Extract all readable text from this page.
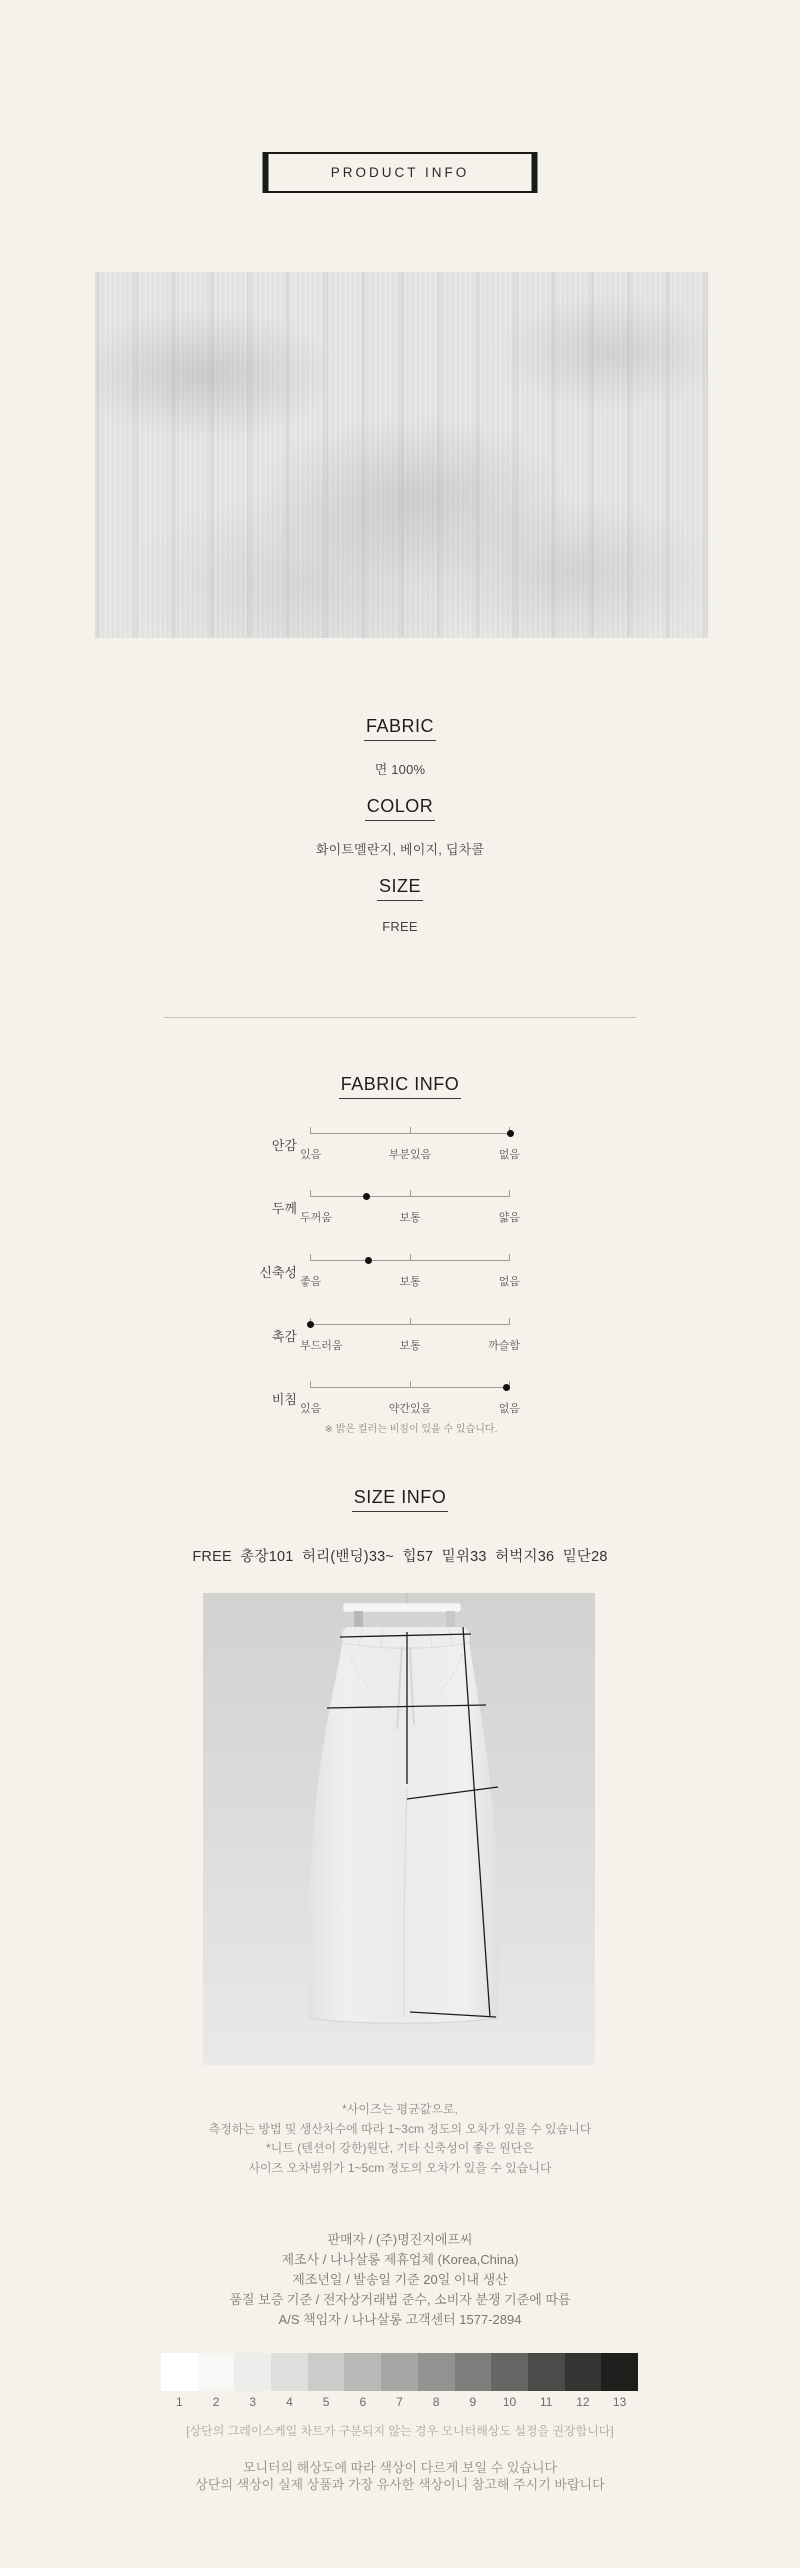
PRODUCT INFO
FABRIC
면 100%
COLOR
화이트멜란지, 베이지, 딥차콜
SIZE
FREE
FABRIC INFO
안감
있음	부분있음	없음
두께
두꺼움	보통	얇음
신축성
좋음	보통	없음
촉감
부드러움	보통	까슬함
비침
있음	약간있음	없음
※ 밝은 컬러는 비침이 있을 수 있습니다.
SIZE INFO
FREE  총장101  허리(밴딩)33~  힙57  밑위33  허벅지36  밑단28
*사이즈는 평균값으로,
측정하는 방법 및 생산차수에 따라 1~3cm 정도의 오차가 있을 수 있습니다
*니트 (텐션이 강한)원단, 기타 신축성이 좋은 원단은
사이즈 오차범위가 1~5cm 정도의 오차가 있을 수 있습니다
판매자 / (주)명진지에프씨
제조사 / 나나살롱 제휴업체 (Korea,China)
제조년일 / 발송일 기준 20일 이내 생산
품질 보증 기준 / 전자상거래법 준수, 소비자 분쟁 기준에 따름
A/S 책임자 / 나나살롱 고객센터 1577-2894
1	2	3	4	5	6	7	8	9	10	11	12	13
[상단의 그레이스케일 차트가 구분되지 않는 경우 모니터해상도 설정을 권장합니다]
모니터의 해상도에 따라 색상이 다르게 보일 수 있습니다
상단의 색상이 실제 상품과 가장 유사한 색상이니 참고해 주시기 바랍니다
